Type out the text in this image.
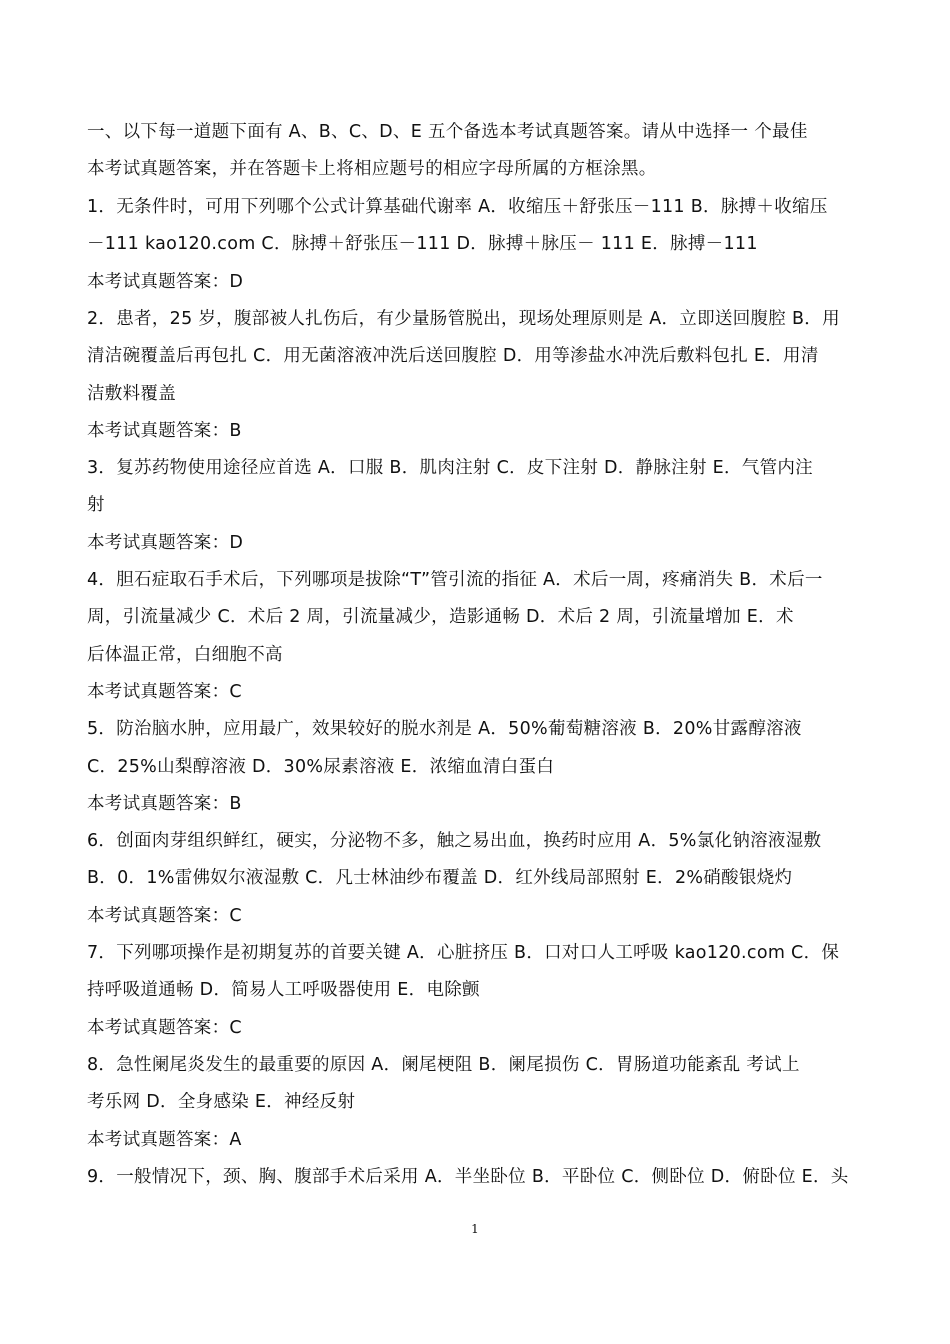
一、以下每一道题下面有 A、B、C、D、E 五个备选本考试真题答案。请从中选择一 个最佳
本考试真题答案，并在答题卡上将相应题号的相应字母所属的方框涂黑。
1．无条件时，可用下列哪个公式计算基础代谢率 A．收缩压＋舒张压－111 B．脉搏＋收缩压
－111 kao120.com C．脉搏＋舒张压－111 D．脉搏＋脉压－ 111 E．脉搏－111
本考试真题答案：D
2．患者，25 岁，腹部被人扎伤后，有少量肠管脱出，现场处理原则是 A．立即送回腹腔 B．用
清洁碗覆盖后再包扎 C．用无菌溶液冲洗后送回腹腔 D．用等渗盐水冲洗后敷料包扎 E．用清
洁敷料覆盖
本考试真题答案：B
3．复苏药物使用途径应首选 A．口服 B．肌肉注射 C．皮下注射 D．静脉注射 E．气管内注
射
本考试真题答案：D
4．胆石症取石手术后，下列哪项是拔除“T”管引流的指征 A．术后一周，疼痛消失 B．术后一
周，引流量减少 C．术后 2 周，引流量减少，造影通畅 D．术后 2 周，引流量增加 E．术
后体温正常，白细胞不高
本考试真题答案：C
5．防治脑水肿，应用最广，效果较好的脱水剂是 A．50%葡萄糖溶液 B．20%甘露醇溶液
C．25%山梨醇溶液 D．30%尿素溶液 E．浓缩血清白蛋白
本考试真题答案：B
6．创面肉芽组织鲜红，硬实，分泌物不多，触之易出血，换药时应用 A．5%氯化钠溶液湿敷
B．0．1%雷佛奴尔液湿敷 C．凡士林油纱布覆盖 D．红外线局部照射 E．2%硝酸银烧灼
本考试真题答案：C
7．下列哪项操作是初期复苏的首要关键 A．心脏挤压 B．口对口人工呼吸 kao120.com C．保
持呼吸道通畅 D．简易人工呼吸器使用 E．电除颤
本考试真题答案：C
8．急性阑尾炎发生的最重要的原因 A．阑尾梗阻 B．阑尾损伤 C．胃肠道功能紊乱 考试上
考乐网 D．全身感染 E．神经反射
本考试真题答案：A
9．一般情况下，颈、胸、腹部手术后采用 A．半坐卧位 B．平卧位 C．侧卧位 D．俯卧位 E．头
1
